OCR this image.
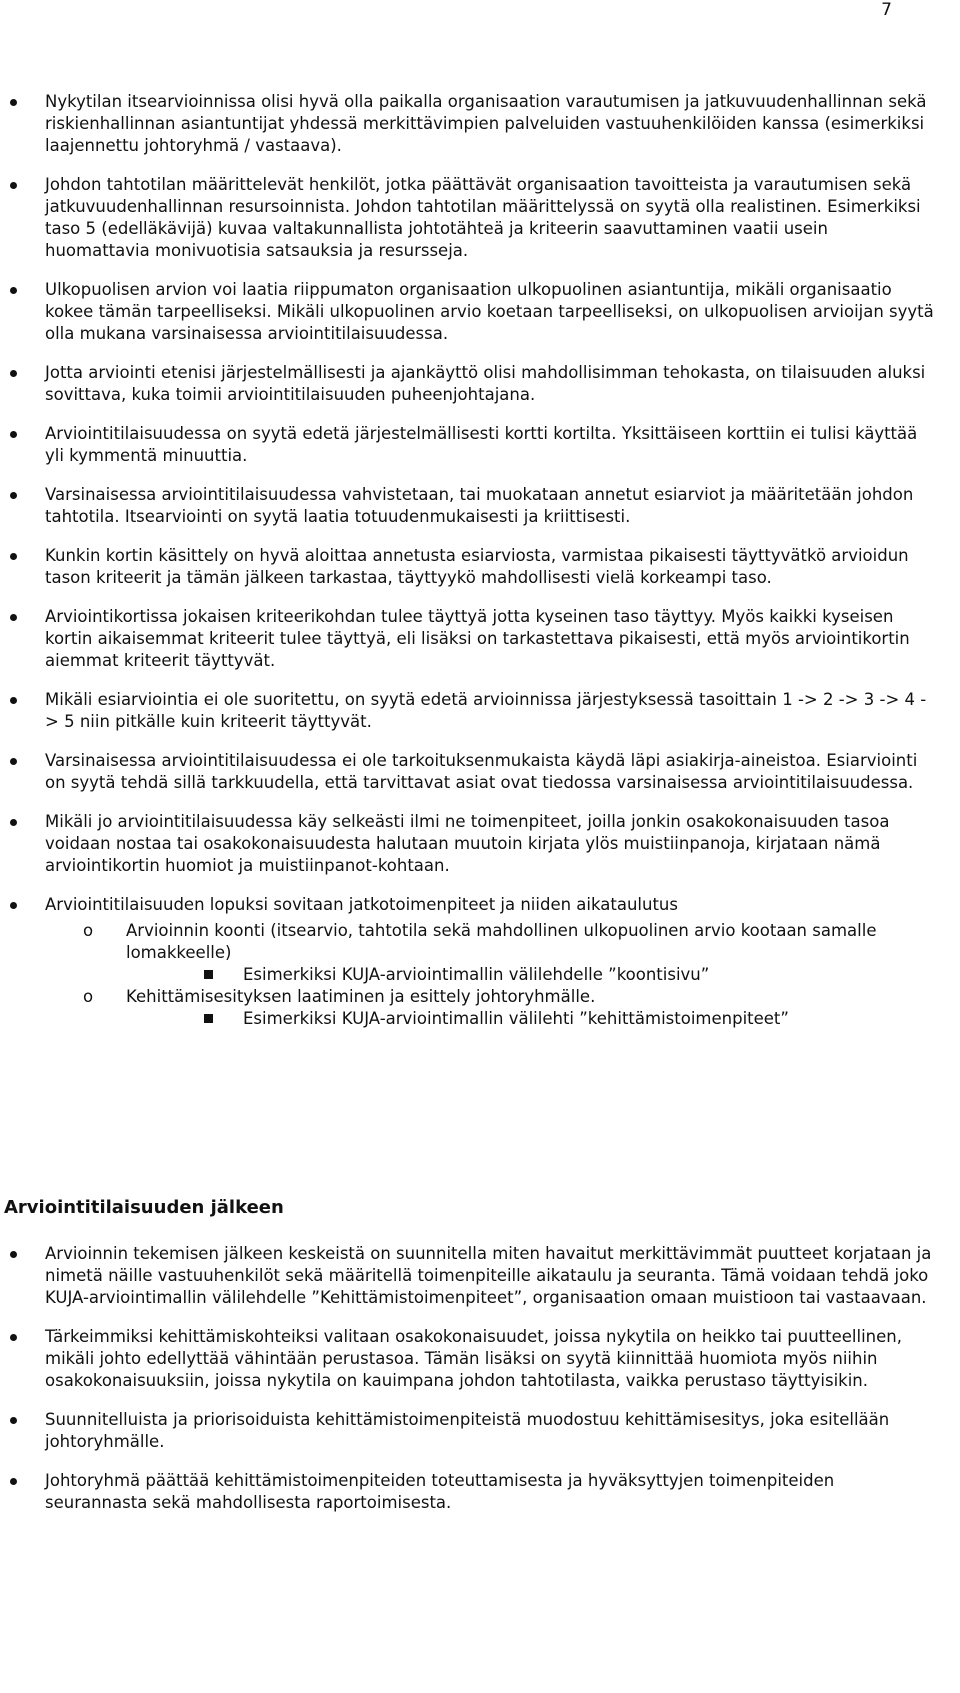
7
Nykytilan itsearvioinnissa olisi hyvä olla paikalla organisaation varautumisen ja jatkuvuudenhallinnan sekä riskienhallinnan asiantuntijat yhdessä merkittävimpien palveluiden vastuuhenkilöiden kanssa (esimerkiksi laajennettu johtoryhmä / vastaava).
Johdon tahtotilan määrittelevät henkilöt, jotka päättävät organisaation tavoitteista ja varautumisen sekä jatkuvuudenhallinnan resursoinnista. Johdon tahtotilan määrittelyssä on syytä olla realistinen. Esimerkiksi taso 5 (edelläkävijä) kuvaa valtakunnallista johtotähteä ja kriteerin saavuttaminen vaatii usein huomattavia monivuotisia satsauksia ja resursseja.
Ulkopuolisen arvion voi laatia riippumaton organisaation ulkopuolinen asiantuntija, mikäli organisaatio kokee tämän tarpeelliseksi. Mikäli ulkopuolinen arvio koetaan tarpeelliseksi, on ulkopuolisen arvioijan syytä olla mukana varsinaisessa arviointitilaisuudessa.
Jotta arviointi etenisi järjestelmällisesti ja ajankäyttö olisi mahdollisimman tehokasta, on tilaisuuden aluksi sovittava, kuka toimii arviointitilaisuuden puheenjohtajana.
Arviointitilaisuudessa on syytä edetä järjestelmällisesti kortti kortilta. Yksittäiseen korttiin ei tulisi käyttää yli kymmentä minuuttia.
Varsinaisessa arviointitilaisuudessa vahvistetaan, tai muokataan annetut esiarviot ja määritetään johdon tahtotila. Itsearviointi on syytä laatia totuudenmukaisesti ja kriittisesti.
Kunkin kortin käsittely on hyvä aloittaa annetusta esiarviosta, varmistaa pikaisesti täyttyvätkö arvioidun tason kriteerit ja tämän jälkeen tarkastaa, täyttyykö mahdollisesti vielä korkeampi taso.
Arviointikortissa jokaisen kriteerikohdan tulee täyttyä jotta kyseinen taso täyttyy. Myös kaikki kyseisen kortin aikaisemmat kriteerit tulee täyttyä, eli lisäksi on tarkastettava pikaisesti, että myös arviointikortin aiemmat kriteerit täyttyvät.
Mikäli esiarviointia ei ole suoritettu, on syytä edetä arvioinnissa järjestyksessä tasoittain 1 -> 2 -> 3 -> 4 -> 5 niin pitkälle kuin kriteerit täyttyvät.
Varsinaisessa arviointitilaisuudessa ei ole tarkoituksenmukaista käydä läpi asiakirja-aineistoa. Esiarviointi on syytä tehdä sillä tarkkuudella, että tarvittavat asiat ovat tiedossa varsinaisessa arviointitilaisuudessa.
Mikäli jo arviointitilaisuudessa käy selkeästi ilmi ne toimenpiteet, joilla jonkin osakokonaisuuden tasoa voidaan nostaa tai osakokonaisuudesta halutaan muutoin kirjata ylös muistiinpanoja, kirjataan nämä arviointikortin huomiot ja muistiinpanot-kohtaan.
Arviointitilaisuuden lopuksi sovitaan jatkotoimenpiteet ja niiden aikataulutus
o Arvioinnin koonti (itsearvio, tahtotila sekä mahdollinen ulkopuolinen arvio kootaan samalle lomakkeelle)
Esimerkiksi KUJA-arviointimallin välilehdelle ”koontisivu”
o Kehittämisesityksen laatiminen ja esittely johtoryhmälle.
Esimerkiksi KUJA-arviointimallin välilehti ”kehittämistoimenpiteet”
Arviointitilaisuuden jälkeen
Arvioinnin tekemisen jälkeen keskeistä on suunnitella miten havaitut merkittävimmät puutteet korjataan ja nimetä näille vastuuhenkilöt sekä määritellä toimenpiteille aikataulu ja seuranta. Tämä voidaan tehdä joko KUJA-arviointimallin välilehdelle ”Kehittämistoimenpiteet”, organisaation omaan muistioon tai vastaavaan.
Tärkeimmiksi kehittämiskohteiksi valitaan osakokonaisuudet, joissa nykytila on heikko tai puutteellinen, mikäli johto edellyttää vähintään perustasoa. Tämän lisäksi on syytä kiinnittää huomiota myös niihin osakokonaisuuksiin, joissa nykytila on kauimpana johdon tahtotilasta, vaikka perustaso täyttyisikin.
Suunnitelluista ja priorisoiduista kehittämistoimenpiteistä muodostuu kehittämisesitys, joka esitellään johtoryhmälle.
Johtoryhmä päättää kehittämistoimenpiteiden toteuttamisesta ja hyväksyttyjen toimenpiteiden seurannasta sekä mahdollisesta raportoimisesta.
